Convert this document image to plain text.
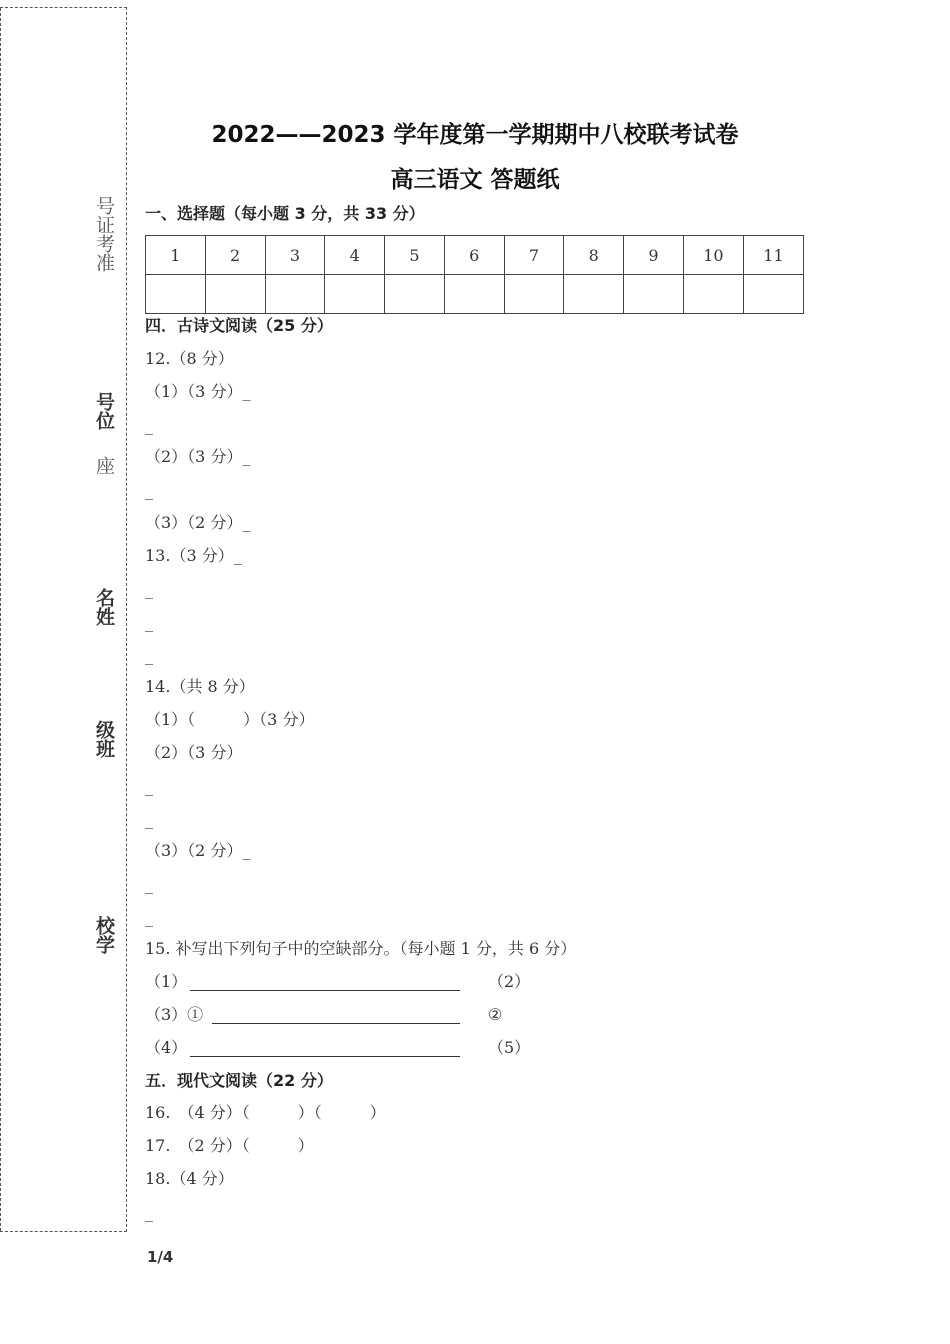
号证考准
号位
座
名姓
级班
校学
2022——2023 学年度第一学期期中八校联考试卷
高三语文 答题纸
一、选择题（每小题 3 分，共 33 分）
1	2	3	4	5	6	7	8	9	10	11

四．古诗文阅读（25 分）
12.（8 分）
（1）（3 分）_
_
（2）（3 分）_
_
（3）（2 分）_
13.（3 分）_
_
_
_
14.（共 8 分）
（1）（　　　）（3 分）
（2）（3 分）
_
_
（3）（2 分）_
_
_
15. 补写出下列句子中的空缺部分。（每小题 1 分，共 6 分）
（1）	（2）
（3）①	②
（4）	（5）
五．现代文阅读（22 分）
16.　（4 分）（　　　）（　　　）
17.　（2 分）（　　　）
18.（4 分）
_
1/4
